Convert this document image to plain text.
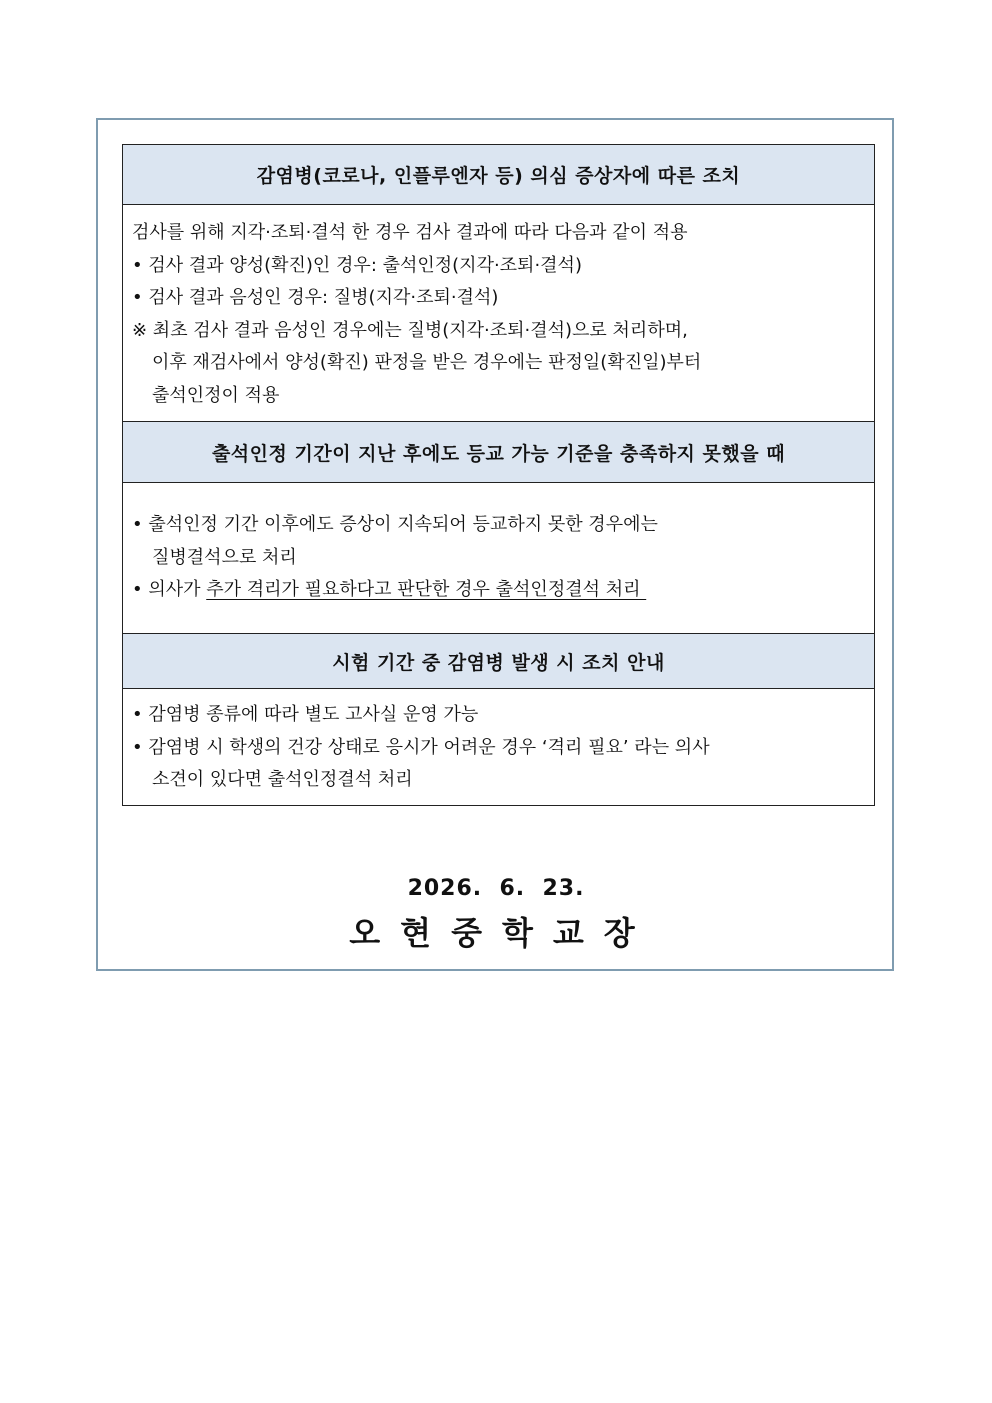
감염병(코로나, 인플루엔자 등) 의심 증상자에 따른 조치
검사를 위해 지각·조퇴·결석 한 경우 검사 결과에 따라 다음과 같이 적용
• 검사 결과 양성(확진)인 경우: 출석인정(지각·조퇴·결석)
• 검사 결과 음성인 경우: 질병(지각·조퇴·결석)
※ 최초 검사 결과 음성인 경우에는 질병(지각·조퇴·결석)으로 처리하며,
이후 재검사에서 양성(확진) 판정을 받은 경우에는 판정일(확진일)부터
출석인정이 적용
출석인정 기간이 지난 후에도 등교 가능 기준을 충족하지 못했을 때
• 출석인정 기간 이후에도 증상이 지속되어 등교하지 못한 경우에는
질병결석으로 처리
• 의사가 추가 격리가 필요하다고 판단한 경우 출석인정결석 처리
시험 기간 중 감염병 발생 시 조치 안내
• 감염병 종류에 따라 별도 고사실 운영 가능
• 감염병 시 학생의 건강 상태로 응시가 어려운 경우 ‘격리 필요’ 라는 의사
소견이 있다면 출석인정결석 처리
2026.  6.  23.
오현중학교장
